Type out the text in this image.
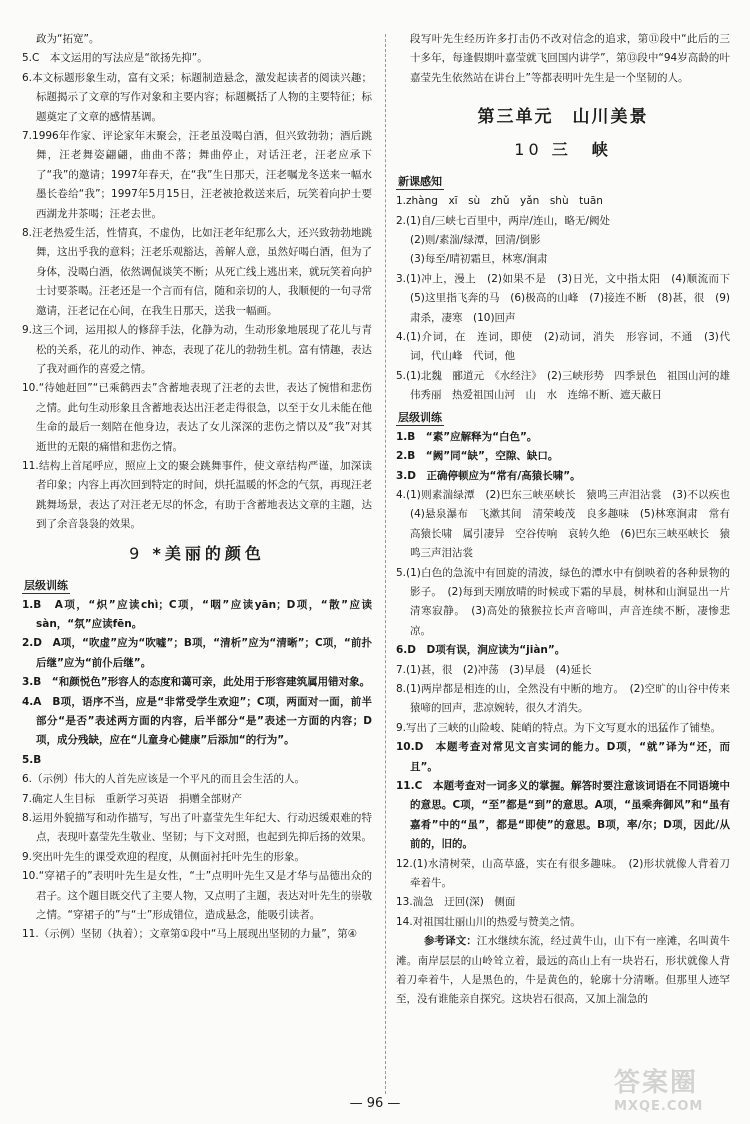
政为“拓宽”。
5.C　本文运用的写法应是“欲扬先抑”。
6.本文标题形象生动，富有文采；标题制造悬念，激发起读者的阅读兴趣；标题揭示了文章的写作对象和主要内容；标题概括了人物的主要特征；标题奠定了文章的感情基调。
7.1996年作家、评论家年末聚会，汪老虽没喝白酒，但兴致勃勃；酒后跳舞，汪老舞姿翩翩，曲曲不落；舞曲停止，对话汪老，汪老应承下了“我”的邀请；1997年春天，在“我”生日那天，汪老嘱龙冬送来一幅水墨长卷给“我”；1997年5月15日，汪老被抢救送来后，玩笑着向护士要西湖龙井茶喝；汪老去世。
8.汪老热爱生活，性情真，不虚伪，比如汪老年纪那么大，还兴致勃勃地跳舞，这出乎我的意料；汪老乐观豁达，善解人意，虽然好喝白酒，但为了身体，没喝白酒，依然调侃谈笑不断；从死亡线上逃出来，就玩笑着向护士讨要茶喝。汪老还是一个言而有信，随和亲切的人，我顺便的一句寻常邀请，汪老记在心间，在我生日那天，送我一幅画。
9.这三个词，运用拟人的修辞手法，化静为动，生动形象地展现了花儿与青松的关系，花儿的动作、神态，表现了花儿的勃勃生机。富有情趣，表达了我对画作的喜爱之情。
10.“待她赶回”“已乘鹤西去”含蓄地表现了汪老的去世，表达了惋惜和悲伤之情。此句生动形象且含蓄地表达出汪老走得很急，以至于女儿未能在他生命的最后一刻陪在他身边，表达了女儿深深的悲伤之情以及“我”对其逝世的无限的痛惜和悲伤之情。
11.结构上首尾呼应，照应上文的聚会跳舞事件，使文章结构严谨，加深读者印象；内容上再次回到特定的时间，烘托温暖的怀念的气氛，再现汪老跳舞场景，表达了对汪老无尽的怀念，有助于含蓄地表达文章的主题，达到了余音袅袅的效果。
9 *美丽的颜色
层级训练
1.B　A项，“炽”应读chì；C项，“咽”应读yān；D项，“散”应读sàn，“氛”应读fēn。
2.D　A项，“吹虚”应为“吹嘘”；B项，“清析”应为“清晰”；C项，“前扑后继”应为“前仆后继”。
3.B　“和颜悦色”形容人的态度和蔼可亲，此处用于形容建筑属用错对象。
4.A　B项，语序不当，应是“非常受学生欢迎”；C项，两面对一面，前半部分“是否”表述两方面的内容，后半部分“是”表述一方面的内容；D项，成分残缺，应在“儿童身心健康”后添加“的行为”。
5.B
6.（示例）伟大的人首先应该是一个平凡的而且会生活的人。
7.确定人生目标　重新学习英语　捐赠全部财产
8.运用外貌描写和动作描写，写出了叶嘉莹先生年纪大、行动迟缓艰难的特点，表现叶嘉莹先生敬业、坚韧；与下文对照，也起到先抑后扬的效果。
9.突出叶先生的课受欢迎的程度，从侧面衬托叶先生的形象。
10.“穿裙子的”表明叶先生是女性，“士”点明叶先生又是才华与品德出众的君子。这个题目既交代了主要人物，又点明了主题，表达对叶先生的崇敬之情。“穿裙子的”与“士”形成错位，造成悬念，能吸引读者。
11.（示例）坚韧（执着）；文章第①段中“马上展现出坚韧的力量”，第④
段写叶先生经历许多打击仍不改对信念的追求，第⑪段中“此后的三十多年，每逢假期叶嘉莹就飞回国内讲学”，第⑬段中“94岁高龄的叶嘉莹先生依然站在讲台上”等都表明叶先生是一个坚韧的人。
第三单元　山川美景
10 三　峡
新课感知
1.zhàng　xī　sù　zhǔ　yǎn　shù　tuān
2.(1)自/三峡七百里中，两岸/连山，略无/阙处
(2)则/素湍/绿潭，回清/倒影
(3)每至/晴初霜旦，林寒/涧肃
3.(1)冲上，漫上　(2)如果不是　(3)日光，文中指太阳　(4)顺流而下　(5)这里指飞奔的马　(6)极高的山峰　(7)接连不断　(8)甚，很　(9)肃杀，凄寒　(10)回声
4.(1)介词，在　连词，即使　(2)动词，消失　形容词，不通　(3)代词，代山峰　代词，他
5.(1)北魏　郦道元　《水经注》　(2)三峡形势　四季景色　祖国山河的雄伟秀丽　热爱祖国山河　山　水　连绵不断、遮天蔽日
层级训练
1.B　“素”应解释为“白色”。
2.B　“阙”同“缺”，空隙、缺口。
3.D　正确停顿应为“常有/高猿长啸”。
4.(1)则素湍绿潭　(2)巴东三峡巫峡长　猿鸣三声泪沾裳　(3)不以疾也　(4)悬泉瀑布　飞漱其间　清荣峻茂　良多趣味　(5)林寒涧肃　常有高猿长啸　属引凄异　空谷传响　哀转久绝　(6)巴东三峡巫峡长　猿鸣三声泪沾裳
5.(1)白色的急流中有回旋的清波，绿色的潭水中有倒映着的各种景物的影子。　(2)每到天刚放晴的时候或下霜的早晨，树林和山涧显出一片清寒寂静。　(3)高处的猿猴拉长声音啼叫，声音连续不断，凄惨悲凉。
6.D　D项有误，涧应读为“jiàn”。
7.(1)甚，很　(2)冲荡　(3)早晨　(4)延长
8.(1)两岸都是相连的山，全然没有中断的地方。　(2)空旷的山谷中传来猿啼的回声，悲凉婉转，很久才消失。
9.写出了三峡的山险峻、陡峭的特点。为下文写夏水的迅猛作了铺垫。
10.D　本题考查对常见文言实词的能力。D项，“就”译为“还，而且”。
11.C　本题考查对一词多义的掌握。解答时要注意该词语在不同语境中的意思。C项，“至”都是“到”的意思。A项，“虽乘奔御风”和“虽有嘉肴”中的“虽”，都是“即使”的意思。B项，率/尔；D项，因此/从前的，旧的。
12.(1)水清树荣，山高草盛，实在有很多趣味。　(2)形状就像人背着刀牵着牛。
13.湍急　迂回(深)　侧面
14.对祖国壮丽山川的热爱与赞美之情。
参考译文：江水继续东流，经过黄牛山，山下有一座滩，名叫黄牛滩。南岸层层的山岭耸立着，最远的高山上有一块岩石，形状就像人背着刀牵着牛，人是黑色的，牛是黄色的，轮廓十分清晰。但那里人迹罕至，没有谁能亲自探究。这块岩石很高，又加上湍急的
— 96 —
答案圈
MXQE.COM
